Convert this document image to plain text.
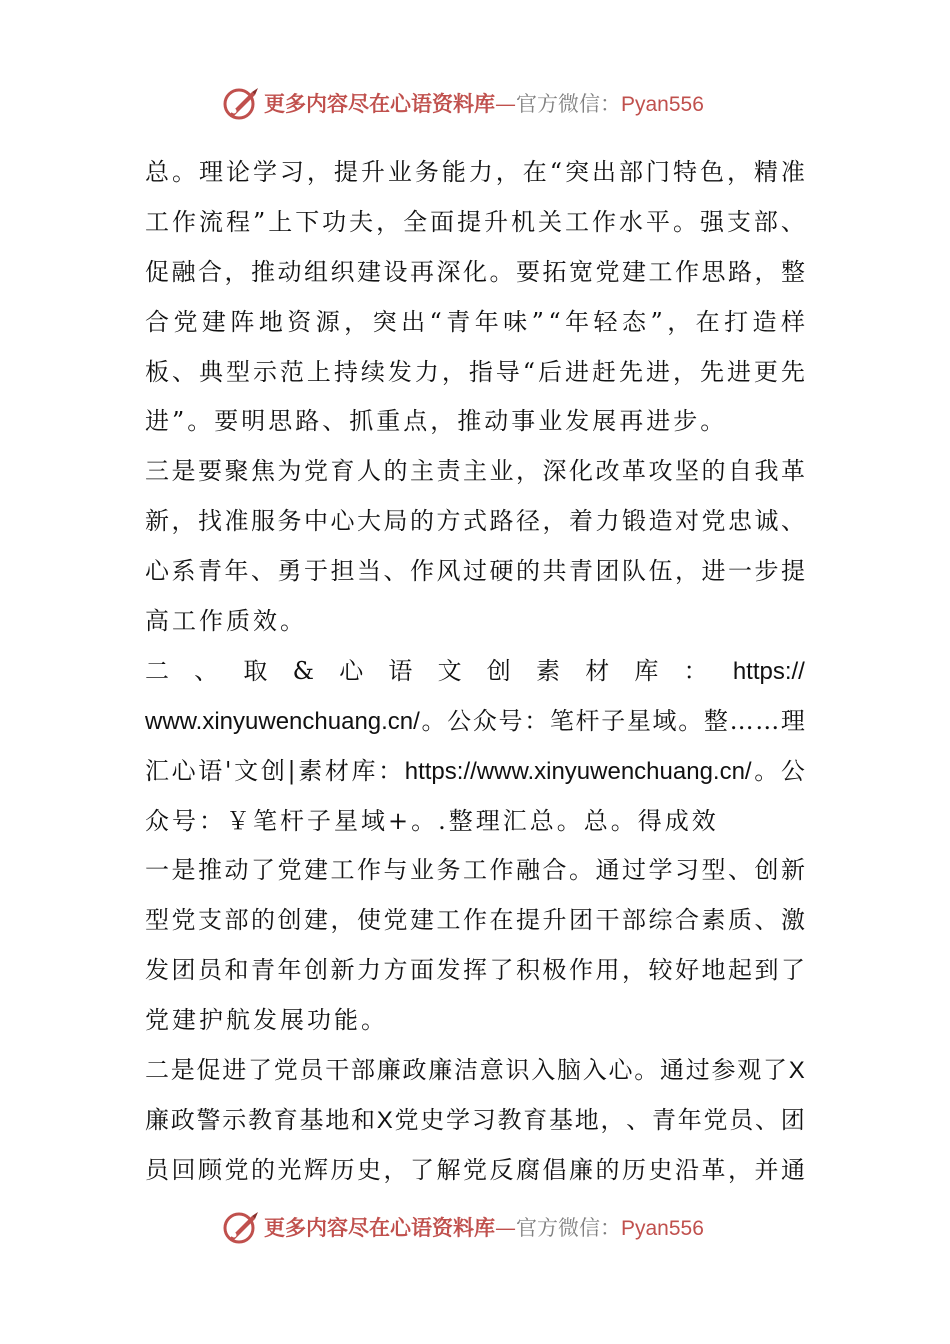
更多内容尽在心语资料库—官方微信：Pyan556
总 。 理 论 学 习 ， 提 升 业 务 能 力 ， 在 “ 突 出 部 门 特 色 ， 精 准
工 作 流 程 ” 上 下 功 夫 ， 全 面 提 升 机 关 工 作 水 平 。 强 支 部 、
促 融 合 ， 推 动 组 织 建 设 再 深 化 。 要 拓 宽 党 建 工 作 思 路 ， 整
合 党 建 阵 地 资 源 ， 突 出 “ 青 年 味 ” “ 年 轻 态 ” ， 在 打 造 样
板 、 典 型 示 范 上 持 续 发 力 ， 指 导 “ 后 进 赶 先 进 ， 先 进 更 先
进”。要明思路、抓重点，推动事业发展再进步。
三 是 要 聚 焦 为 党 育 人 的 主 责 主 业 ， 深 化 改 革 攻 坚 的 自 我 革
新 ， 找 准 服 务 中 心 大 局 的 方 式 路 径 ， 着 力 锻 造 对 党 忠 诚 、
心 系 青 年 、 勇 于 担 当 、 作 风 过 硬 的 共 青 团 队 伍 ， 进 一 步 提
高工作质效。
二 、 取 & 心 语 文 创 素 材 库 ： https://
www.xinyuwenchuang.cn/ 。 公 众 号 ： 笔 杆 子 星 域 。 整 … … 理
汇 心 语 ' 文 创 | 素 材 库 ： https://www.xinyuwenchuang.cn/ 。 公
众号：￥笔杆子星域+。.整理汇总。总。得成效
一 是 推 动 了 党 建 工 作 与 业 务 工 作 融 合 。 通 过 学 习 型 、 创 新
型 党 支 部 的 创 建 ， 使 党 建 工 作 在 提 升 团 干 部 综 合 素 质 、 激
发 团 员 和 青 年 创 新 力 方 面 发 挥 了 积 极 作 用 ， 较 好 地 起 到 了
党建护航发展功能。
二 是 促 进 了 党 员 干 部 廉 政 廉 洁 意 识 入 脑 入 心 。 通 过 参 观 了 X
廉 政 警 示 教 育 基 地 和 X 党 史 学 习 教 育 基 地 ， 、 青 年 党 员 、 团
员 回 顾 党 的 光 辉 历 史 ， 了 解 党 反 腐 倡 廉 的 历 史 沿 革 ， 并 通
更多内容尽在心语资料库—官方微信：Pyan556
